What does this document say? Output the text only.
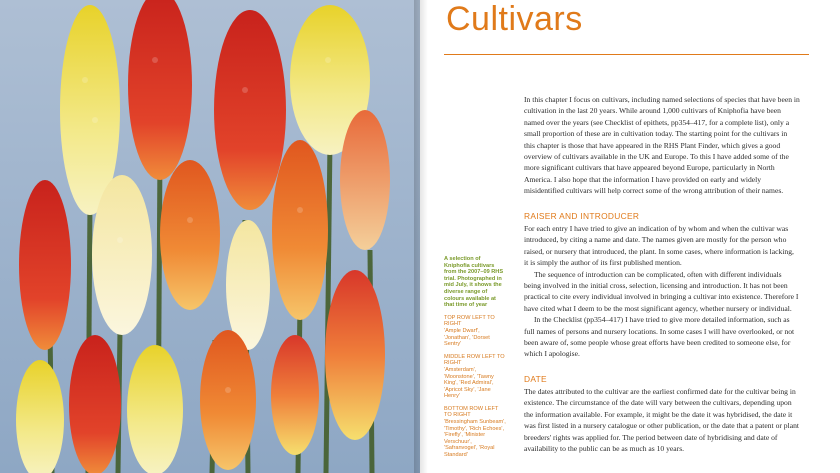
Cultivars

In this chapter I focus on cultivars, including named selections of species that have been in cultivation in the last 20 years. While around 1,000 cultivars of Kniphofia have been named over the years (see Checklist of epithets, pp354–417, for a complete list), only a small proportion of these are in cultivation today. The starting point for the cultivars in this chapter is those that have appeared in the RHS Plant Finder, which gives a good overview of cultivars available in the UK and Europe. To this I have added some of the more significant cultivars that have appeared beyond Europe, particularly in North America. I also hope that the information I have provided on early and widely misidentified cultivars will help correct some of the wrong attribution of their names.

RAISER AND INTRODUCER

For each entry I have tried to give an indication of by whom and when the cultivar was introduced, by citing a name and date. The names given are mostly for the person who raised, or nursery that introduced, the plant. In some cases, where information is lacking, it is simply the author of its first published mention.

The sequence of introduction can be complicated, often with different individuals being involved in the initial cross, selection, licensing and introduction. It has not been practical to cite every individual involved in bringing a cultivar into existence. Therefore I have cited what I deem to be the most significant agency, whether nursery or individual.

In the Checklist (pp354–417) I have tried to give more detailed information, such as full names of persons and nursery locations. In some cases I will have overlooked, or not been aware of, some people whose great efforts have been credited to someone else, for which I apologise.

DATE

The dates attributed to the cultivar are the earliest confirmed date for the cultivar being in existence. The circumstance of the date will vary between the cultivars, depending upon the information available. For example, it might be the date it was hybridised, the date it was first listed in a nursery catalogue or other publication, or the date that a patent or plant breeders' rights was applied for. The period between date of hybridising and date of availability to the public can be as much as 10 years.

A selection of Kniphofia cultivars from the 2007–09 RHS trial. Photographed in mid July, it shows the diverse range of colours available at that time of year
TOP ROW LEFT TO RIGHT
'Ample Dwarf', 'Jonathan', 'Dorset Sentry'
MIDDLE ROW LEFT TO RIGHT
'Amsterdam', 'Moonstone', 'Tawny King', 'Red Admiral', 'Apricot Sky', 'Jane Henry'
BOTTOM ROW LEFT TO RIGHT
'Bressingham Sunbeam', 'Timothy', 'Rich Echoes', 'Firefly', 'Minister Verschuur', 'Safranvogel', 'Royal Standard'
